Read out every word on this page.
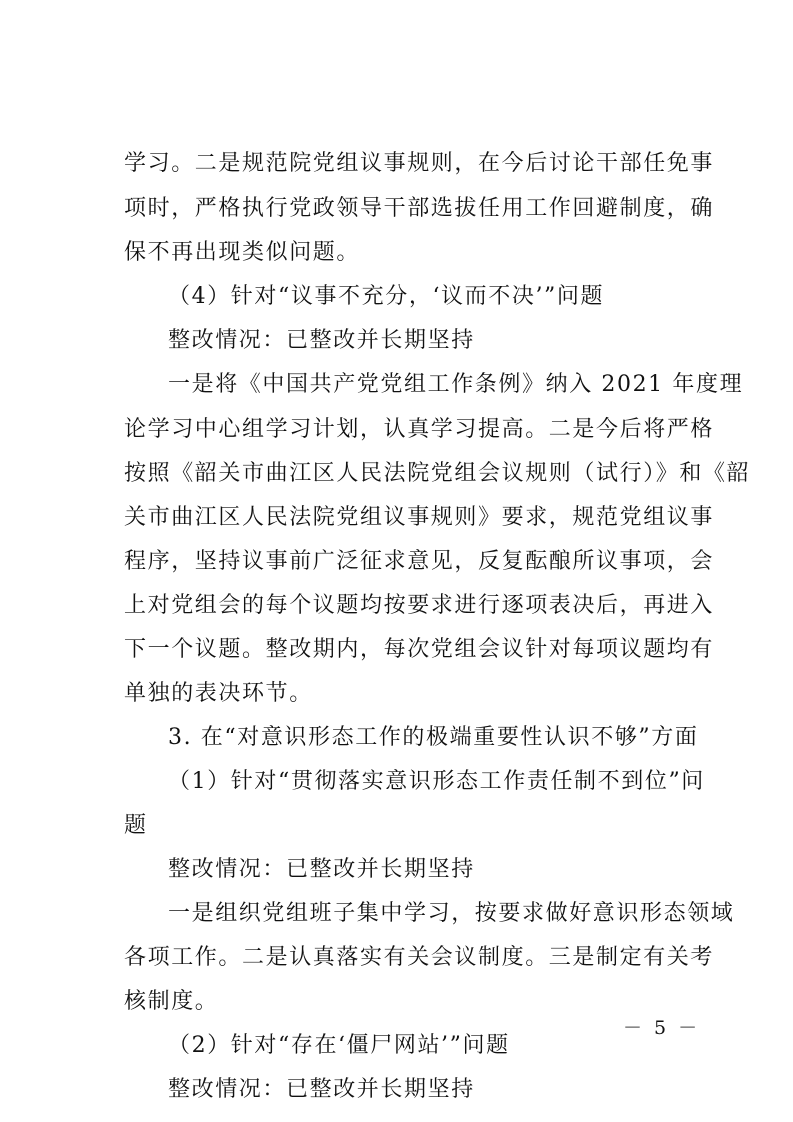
学习。二是规范院党组议事规则，在今后讨论干部任免事
项时，严格执行党政领导干部选拔任用工作回避制度，确
保不再出现类似问题。
（4）针对“议事不充分，‘议而不决’”问题
整改情况：已整改并长期坚持
一是将《中国共产党党组工作条例》纳入 2021 年度理
论学习中心组学习计划，认真学习提高。二是今后将严格
按照《韶关市曲江区人民法院党组会议规则（试行）》和《韶
关市曲江区人民法院党组议事规则》要求，规范党组议事
程序，坚持议事前广泛征求意见，反复酝酿所议事项，会
上对党组会的每个议题均按要求进行逐项表决后，再进入
下一个议题。整改期内，每次党组会议针对每项议题均有
单独的表决环节。
3. 在“对意识形态工作的极端重要性认识不够”方面
（1）针对“贯彻落实意识形态工作责任制不到位”问
题
整改情况：已整改并长期坚持
一是组织党组班子集中学习，按要求做好意识形态领域
各项工作。二是认真落实有关会议制度。三是制定有关考
核制度。
（2）针对“存在‘僵尸网站’”问题
整改情况：已整改并长期坚持
－ 5 －
